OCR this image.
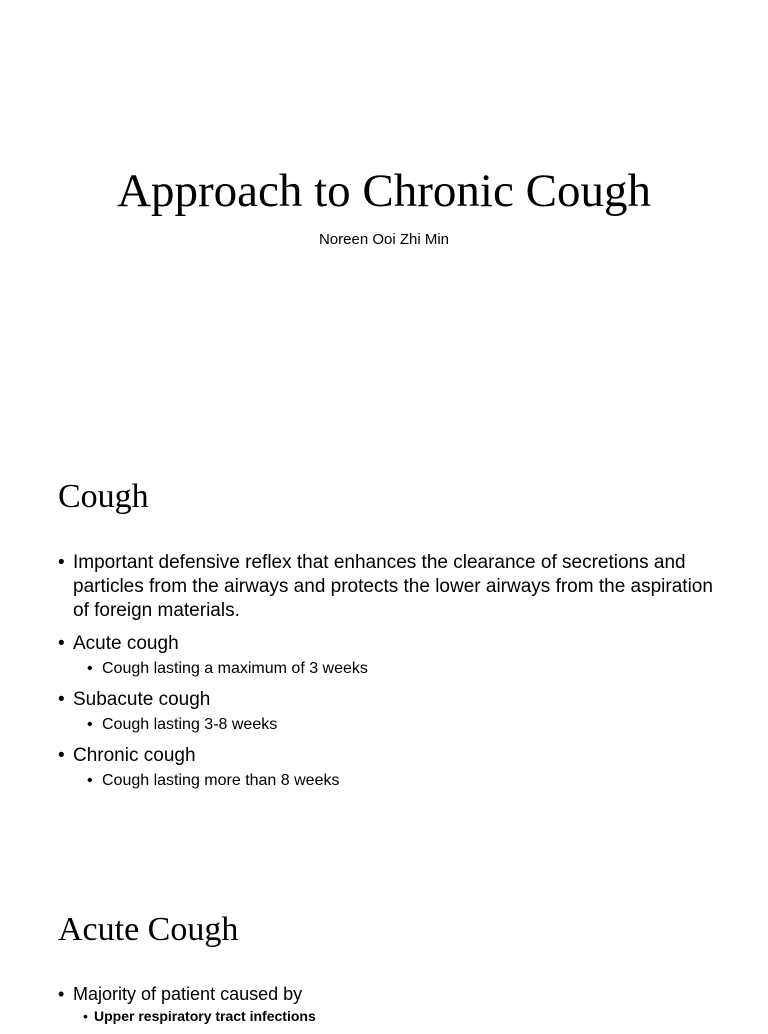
Approach to Chronic Cough
Noreen Ooi Zhi Min
Cough
• Important defensive reflex that enhances the clearance of secretions and particles from the airways and protects the lower airways from the aspiration of foreign materials.
• Acute cough
• Cough lasting a maximum of 3 weeks
• Subacute cough
• Cough lasting 3-8 weeks
• Chronic cough
• Cough lasting more than 8 weeks
Acute Cough
• Majority of patient caused by
• Upper respiratory tract infections
